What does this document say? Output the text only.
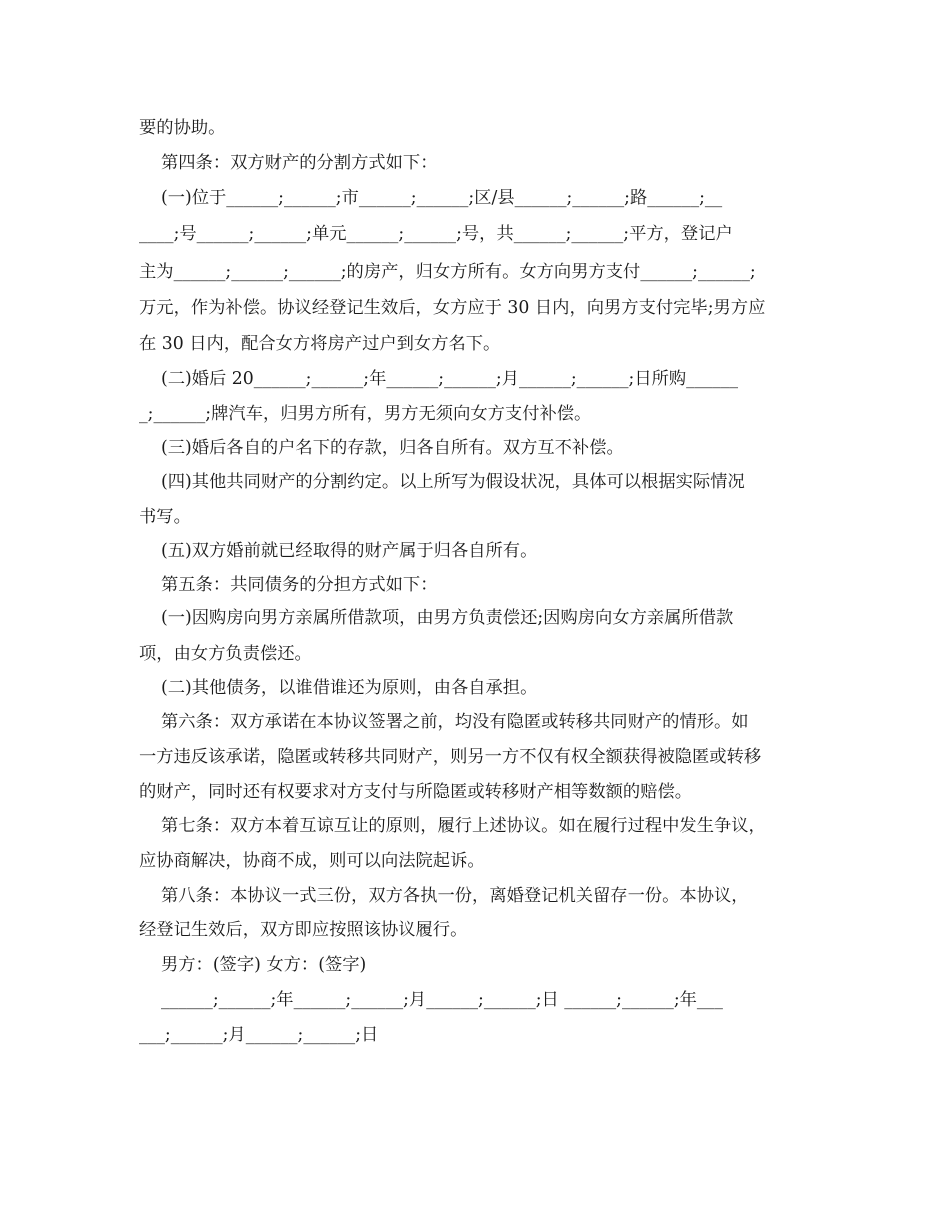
要的协助。

第四条：双方财产的分割方式如下：

(一)位于______;______;市______;______;区/县______;______;路______;__

____;号______;______;单元______;______;号，共______;______;平方，登记户

主为______;______;______;的房产，归女方所有。女方向男方支付______;______;

万元，作为补偿。协议经登记生效后，女方应于 30 日内，向男方支付完毕;男方应

在 30 日内，配合女方将房产过户到女方名下。

(二)婚后 20______;______;年______;______;月______;______;日所购______

_;______;牌汽车，归男方所有，男方无须向女方支付补偿。

(三)婚后各自的户名下的存款，归各自所有。双方互不补偿。

(四)其他共同财产的分割约定。以上所写为假设状况，具体可以根据实际情况

书写。

(五)双方婚前就已经取得的财产属于归各自所有。

第五条：共同债务的分担方式如下：

(一)因购房向男方亲属所借款项，由男方负责偿还;因购房向女方亲属所借款

项，由女方负责偿还。

(二)其他债务，以谁借谁还为原则，由各自承担。

第六条：双方承诺在本协议签署之前，均没有隐匿或转移共同财产的情形。如

一方违反该承诺，隐匿或转移共同财产，则另一方不仅有权全额获得被隐匿或转移

的财产，同时还有权要求对方支付与所隐匿或转移财产相等数额的赔偿。

第七条：双方本着互谅互让的原则，履行上述协议。如在履行过程中发生争议，

应协商解决，协商不成，则可以向法院起诉。

第八条：本协议一式三份，双方各执一份，离婚登记机关留存一份。本协议，

经登记生效后，双方即应按照该协议履行。

男方：(签字) 女方：(签字)

______;______;年______;______;月______;______;日 ______;______;年___

___;______;月______;______;日
